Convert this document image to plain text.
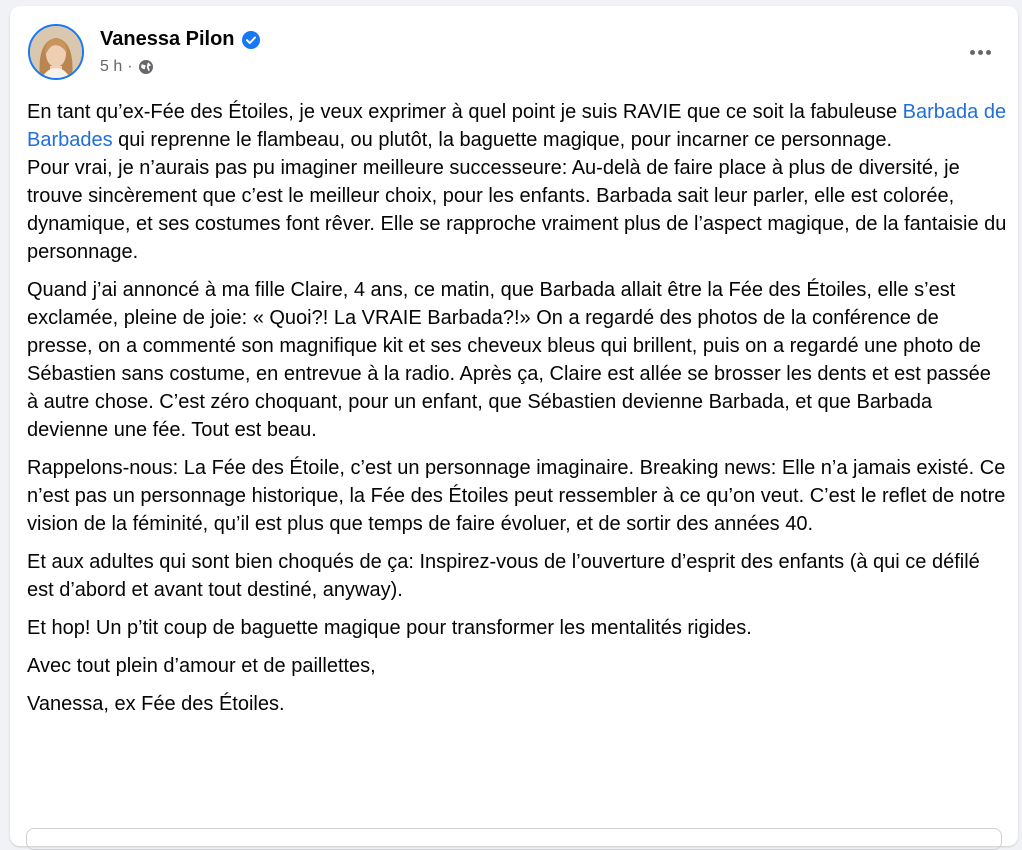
Vanessa Pilon
5 h ·

En tant qu’ex-Fée des Étoiles, je veux exprimer à quel point je suis RAVIE que ce soit la fabuleuse Barbada de Barbades qui reprenne le flambeau, ou plutôt, la baguette magique, pour incarner ce personnage.
Pour vrai, je n’aurais pas pu imaginer meilleure successeure: Au-delà de faire place à plus de diversité, je trouve sincèrement que c’est le meilleur choix, pour les enfants. Barbada sait leur parler, elle est colorée, dynamique, et ses costumes font rêver. Elle se rapproche vraiment plus de l’aspect magique, de la fantaisie du personnage.

Quand j’ai annoncé à ma fille Claire, 4 ans, ce matin, que Barbada allait être la Fée des Étoiles, elle s’est exclamée, pleine de joie: « Quoi?! La VRAIE Barbada?!» On a regardé des photos de la conférence de presse, on a commenté son magnifique kit et ses cheveux bleus qui brillent, puis on a regardé une photo de Sébastien sans costume, en entrevue à la radio. Après ça, Claire est allée se brosser les dents et est passée à autre chose. C’est zéro choquant, pour un enfant, que Sébastien devienne Barbada, et que Barbada devienne une fée. Tout est beau.

Rappelons-nous: La Fée des Étoile, c’est un personnage imaginaire. Breaking news: Elle n’a jamais existé. Ce n’est pas un personnage historique, la Fée des Étoiles peut ressembler à ce qu’on veut. C’est le reflet de notre vision de la féminité, qu’il est plus que temps de faire évoluer, et de sortir des années 40.

Et aux adultes qui sont bien choqués de ça: Inspirez-vous de l’ouverture d’esprit des enfants (à qui ce défilé est d’abord et avant tout destiné, anyway).

Et hop! Un p’tit coup de baguette magique pour transformer les mentalités rigides.

Avec tout plein d’amour et de paillettes,

Vanessa, ex Fée des Étoiles.
